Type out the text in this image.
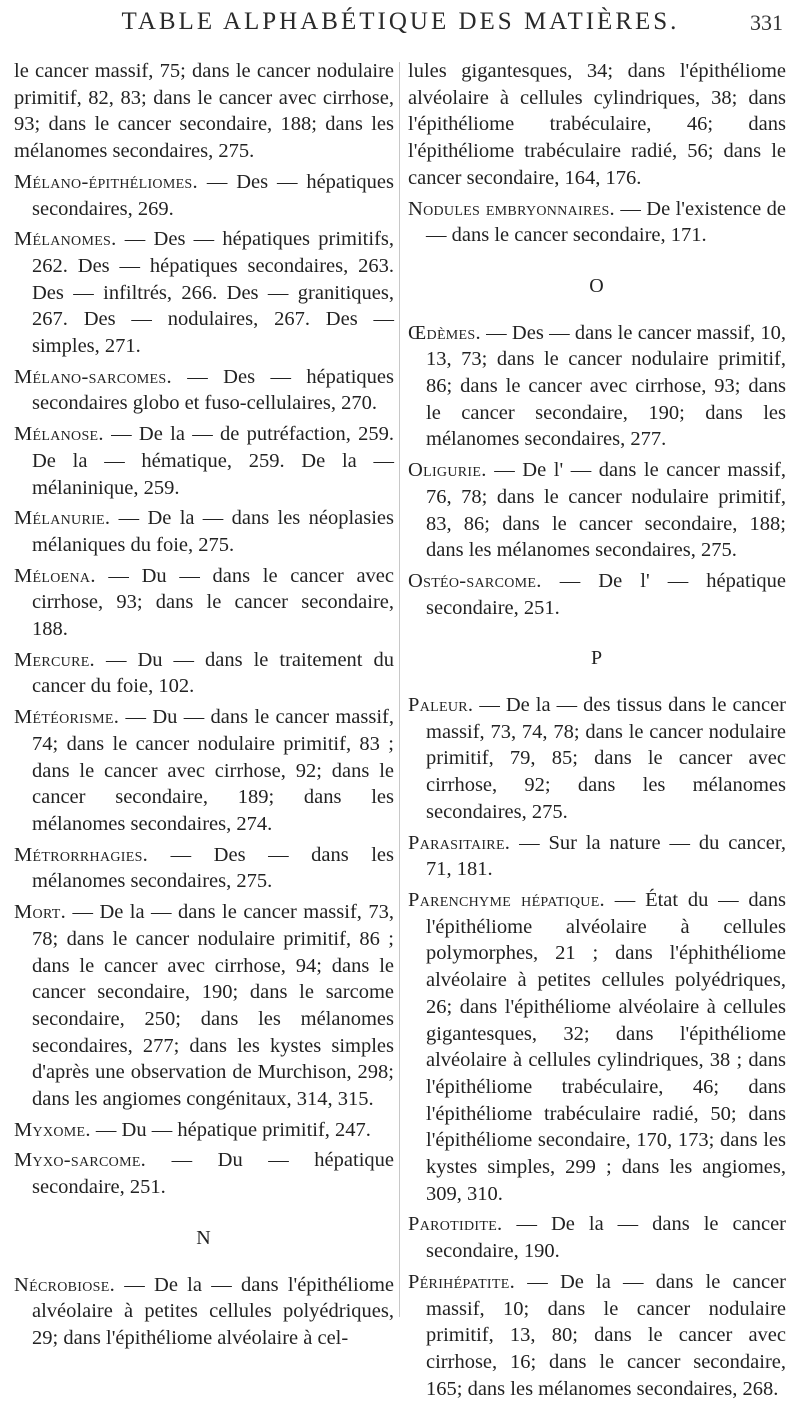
TABLE ALPHABÉTIQUE DES MATIÈRES.	331
le cancer massif, 75; dans le cancer nodulaire primitif, 82, 83; dans le cancer avec cirrhose, 93; dans le cancer secondaire, 188; dans les mélanomes secondaires, 275.
Mélano-épithéliomes. — Des — hépatiques secondaires, 269.
Mélanomes. — Des — hépatiques primitifs, 262. Des — hépatiques secondaires, 263. Des — infiltrés, 266. Des — granitiques, 267. Des — nodulaires, 267. Des — simples, 271.
Mélano-sarcomes. — Des — hépatiques secondaires globo et fuso-cellulaires, 270.
Mélanose. — De la — de putréfaction, 259. De la — hématique, 259. De la — mélaninique, 259.
Mélanurie. — De la — dans les néoplasies mélaniques du foie, 275.
Méloena. — Du — dans le cancer avec cirrhose, 93; dans le cancer secondaire, 188.
Mercure. — Du — dans le traitement du cancer du foie, 102.
Météorisme. — Du — dans le cancer massif, 74; dans le cancer nodulaire primitif, 83 ; dans le cancer avec cirrhose, 92; dans le cancer secondaire, 189; dans les mélanomes secondaires, 274.
Métrorrhagies. — Des — dans les mélanomes secondaires, 275.
Mort. — De la — dans le cancer massif, 73, 78; dans le cancer nodulaire primitif, 86 ; dans le cancer avec cirrhose, 94; dans le cancer secondaire, 190; dans le sarcome secondaire, 250; dans les mélanomes secondaires, 277; dans les kystes simples d'après une observation de Murchison, 298; dans les angiomes congénitaux, 314, 315.
Myxome. — Du — hépatique primitif, 247.
Myxo-sarcome. — Du — hépatique secondaire, 251.
N
Nécrobiose. — De la — dans l'épithéliome alvéolaire à petites cellules polyédriques, 29; dans l'épithéliome alvéolaire à cel-
lules gigantesques, 34; dans l'épithéliome alvéolaire à cellules cylindriques, 38; dans l'épithéliome trabéculaire, 46; dans l'épithéliome trabéculaire radié, 56; dans le cancer secondaire, 164, 176.
Nodules embryonnaires. — De l'existence de — dans le cancer secondaire, 171.
O
Œdèmes. — Des — dans le cancer massif, 10, 13, 73; dans le cancer nodulaire primitif, 86; dans le cancer avec cirrhose, 93; dans le cancer secondaire, 190; dans les mélanomes secondaires, 277.
Oligurie. — De l' — dans le cancer massif, 76, 78; dans le cancer nodulaire primitif, 83, 86; dans le cancer secondaire, 188; dans les mélanomes secondaires, 275.
Ostéo-sarcome. — De l' — hépatique secondaire, 251.
P
Paleur. — De la — des tissus dans le cancer massif, 73, 74, 78; dans le cancer nodulaire primitif, 79, 85; dans le cancer avec cirrhose, 92; dans les mélanomes secondaires, 275.
Parasitaire. — Sur la nature — du cancer, 71, 181.
Parenchyme hépatique. — État du — dans l'épithéliome alvéolaire à cellules polymorphes, 21 ; dans l'éphithéliome alvéolaire à petites cellules polyédriques, 26; dans l'épithéliome alvéolaire à cellules gigantesques, 32; dans l'épithéliome alvéolaire à cellules cylindriques, 38 ; dans l'épithéliome trabéculaire, 46; dans l'épithéliome trabéculaire radié, 50; dans l'épithéliome secondaire, 170, 173; dans les kystes simples, 299 ; dans les angiomes, 309, 310.
Parotidite. — De la — dans le cancer secondaire, 190.
Périhépatite. — De la — dans le cancer massif, 10; dans le cancer nodulaire primitif, 13, 80; dans le cancer avec cirrhose, 16; dans le cancer secondaire, 165; dans les mélanomes secondaires, 268.
